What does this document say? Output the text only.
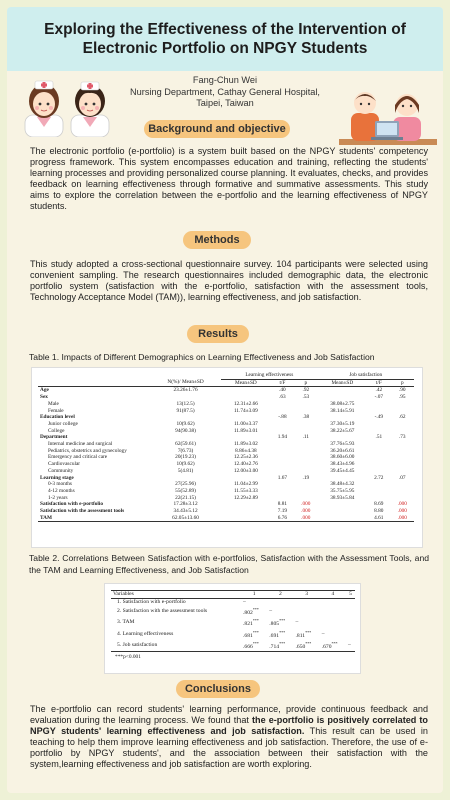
Exploring the Effectiveness of the Intervention of Electronic Portfolio on NPGY Students
Fang-Chun Wei
Nursing Department, Cathay General Hospital,
Taipei, Taiwan
Background and objective
The electronic portfolio (e-portfolio) is a system built based on the NPGY students' competency progress framework. This system encompasses education and training, reflecting the students' learning processes and providing personalized course planning. It evaluates, checks, and provides feedback on learning effectiveness through formative and summative assessments. This study aims to explore the correlation between the e-portfolio and the learning effectiveness of NPGY students.
Methods
This study adopted a cross-sectional questionnaire survey. 104 participants were selected using convenient sampling. The research questionnaires included demographic data, the electronic portfolio system (satisfaction with the e-portfolio, satisfaction with the assessment tools, Technology Acceptance Model (TAM)), learning effectiveness, and job satisfaction.
Results
Table 1. Impacts of Different Demographics on Learning Effectiveness and Job Satisfaction
		Learning effectiveness			Job satisfaction		
	N(%)/ Mean±SD	Mean±SD	t/F	p	Mean±SD	t/F	p
Age	23.26±1.76		.40	.92		.42	.90
Sex			.63	.53		-.07	.95
Male	13(12.5)	12.31±2.66			38.08±2.75		
Female	91(87.5)	11.74±3.09			38.14±5.91		
Education level			-.88	.38		-.49	.62
Junior college	10(9.62)	11.00±3.37			37.30±5.19		
College	94(90.38)	11.89±3.01			38.22±5.67		
Department			1.94	.11		.51	.73
Internal medicine and surgical	62(59.61)	11.89±3.02			37.76±5.93		
Pediatrics, obstetrics and gynecology	7(6.73)	8.86±4.38			36.20±6.61		
Emergency and critical care	20(19.23)	12.25±2.36			38.60±6.00		
Cardiovascular	10(9.62)	12.40±2.76			38.43±4.96		
Community	5(4.81)	12.00±3.00			39.45±4.45		
Learning stage			1.67	.19		2.72	.07
0-3 months	27(25.96)	11.04±2.99			38.48±4.32		
4-12 months	55(52.89)	11.55±3.33			35.75±5.95		
1-2 years	22(21.15)	12.29±2.89			38.93±5.84		
Satisfaction with e-portfolio	17.28±3.12		8.81	.000		8.69	.000
Satisfaction with the assessment tools	34.43±5.12		7.19	.000		8.80	.000
TAM	62.05±13.60		6.76	.000		4.61	.000
Table 2. Correlations Between Satisfaction with e-portfolios, Satisfaction with the Assessment Tools, and the TAM and Learning Effectiveness, and Job Satisfaction
Variables	1	2	3	4	5
1. Satisfaction with e-portfolio	–				
2. Satisfaction with the assessment tools	.802***	–			
3. TAM	.821***	.805***	–		
4. Learning effectiveness	.681***	.691***	.811***	–	
5. Job satisfaction	.666***	.714***	.650***	.670***	–
***p<0.001
Conclusions
The e-portfolio can record students' learning performance, provide continuous feedback and evaluation during the learning process. We found that the e-portfolio is positively correlated to NPGY students' learning effectiveness and job satisfaction. This result can be used in teaching to help them improve learning effectiveness and job satisfaction. Therefore, the use of e-portfolio by NPGY students', and the association between their satisfaction with the system,learning effectiveness and job satisfaction are worth exploring.
